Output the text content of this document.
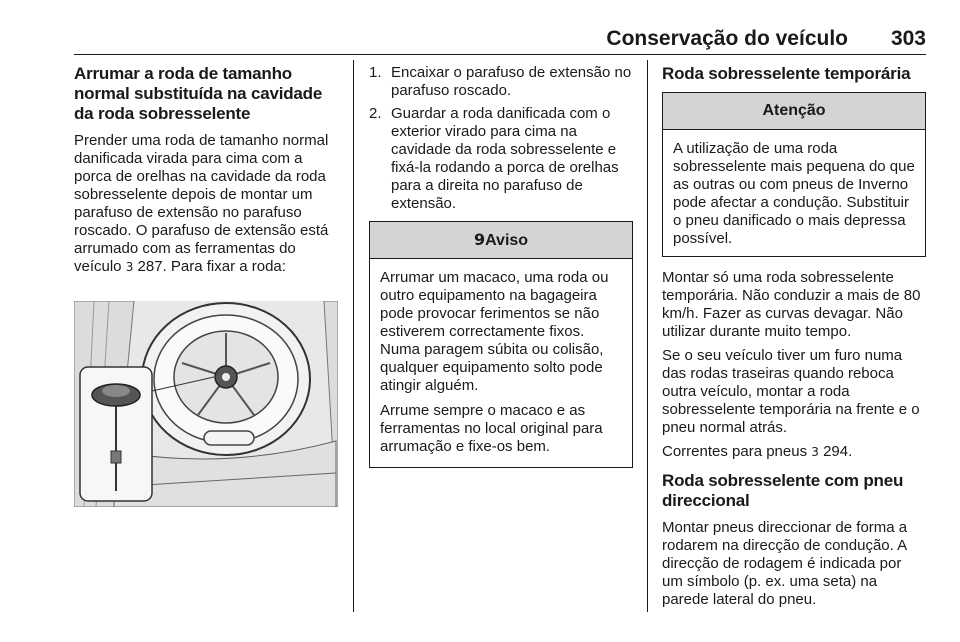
Conservação do veículo 303
Arrumar a roda de tamanho normal substituída na cavidade da roda sobresselente

Prender uma roda de tamanho normal danificada virada para cima com a porca de orelhas na cavidade da roda sobresselente depois de montar um parafuso de extensão no parafuso roscado. O parafuso de extensão está arrumado com as ferramentas do veículo 3 287. Para fixar a roda:

1. Encaixar o parafuso de extensão no parafuso roscado.
2. Guardar a roda danificada com o exterior virado para cima na cavidade da roda sobresselente e fixá-la rodando a porca de orelhas para a direita no parafuso de extensão.
9Aviso

Arrumar um macaco, uma roda ou outro equipamento na bagageira pode provocar ferimentos se não estiverem correctamente fixos. Numa paragem súbita ou colisão, qualquer equipamento solto pode atingir alguém.

Arrume sempre o macaco e as ferramentas no local original para arrumação e fixe-os bem.

Roda sobresselente temporária
Atenção

A utilização de uma roda sobresselente mais pequena do que as outras ou com pneus de Inverno pode afectar a condução. Substituir o pneu danificado o mais depressa possível.

Montar só uma roda sobresselente temporária. Não conduzir a mais de 80 km/h. Fazer as curvas devagar. Não utilizar durante muito tempo.

Se o seu veículo tiver um furo numa das rodas traseiras quando reboca outra veículo, montar a roda sobresselente temporária na frente e o pneu normal atrás.

Correntes para pneus 3 294.

Roda sobresselente com pneu direccional

Montar pneus direccionar de forma a rodarem na direcção de condução. A direcção de rodagem é indicada por um símbolo (p. ex. uma seta) na parede lateral do pneu.
